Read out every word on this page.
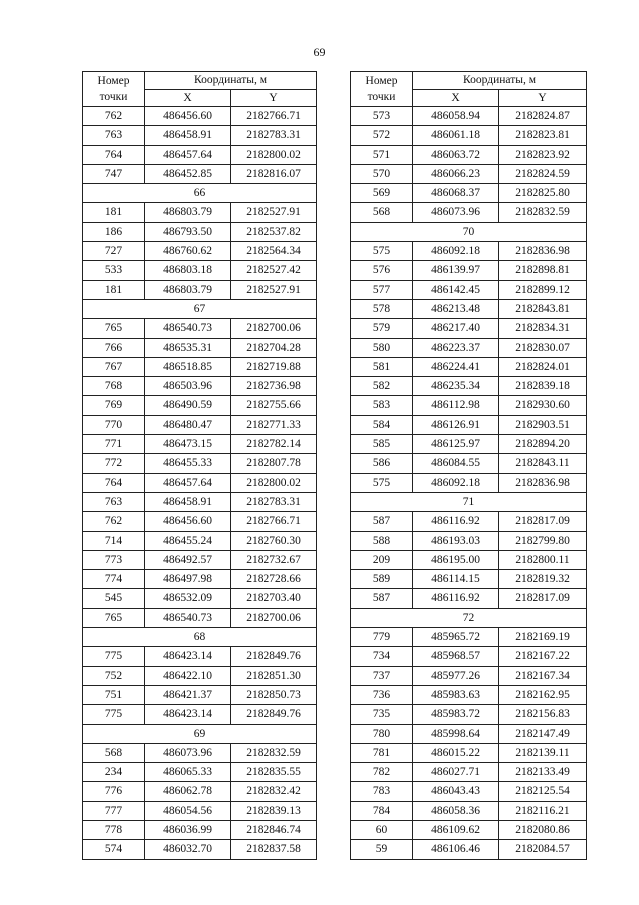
69
Номер
точки	Координаты, м	
	X	Y
762	486456.60	2182766.71
763	486458.91	2182783.31
764	486457.64	2182800.02
747	486452.85	2182816.07
66		
181	486803.79	2182527.91
186	486793.50	2182537.82
727	486760.62	2182564.34
533	486803.18	2182527.42
181	486803.79	2182527.91
67		
765	486540.73	2182700.06
766	486535.31	2182704.28
767	486518.85	2182719.88
768	486503.96	2182736.98
769	486490.59	2182755.66
770	486480.47	2182771.33
771	486473.15	2182782.14
772	486455.33	2182807.78
764	486457.64	2182800.02
763	486458.91	2182783.31
762	486456.60	2182766.71
714	486455.24	2182760.30
773	486492.57	2182732.67
774	486497.98	2182728.66
545	486532.09	2182703.40
765	486540.73	2182700.06
68		
775	486423.14	2182849.76
752	486422.10	2182851.30
751	486421.37	2182850.73
775	486423.14	2182849.76
69		
568	486073.96	2182832.59
234	486065.33	2182835.55
776	486062.78	2182832.42
777	486054.56	2182839.13
778	486036.99	2182846.74
574	486032.70	2182837.58
Номер
точки	Координаты, м	
	X	Y
573	486058.94	2182824.87
572	486061.18	2182823.81
571	486063.72	2182823.92
570	486066.23	2182824.59
569	486068.37	2182825.80
568	486073.96	2182832.59
70		
575	486092.18	2182836.98
576	486139.97	2182898.81
577	486142.45	2182899.12
578	486213.48	2182843.81
579	486217.40	2182834.31
580	486223.37	2182830.07
581	486224.41	2182824.01
582	486235.34	2182839.18
583	486112.98	2182930.60
584	486126.91	2182903.51
585	486125.97	2182894.20
586	486084.55	2182843.11
575	486092.18	2182836.98
71		
587	486116.92	2182817.09
588	486193.03	2182799.80
209	486195.00	2182800.11
589	486114.15	2182819.32
587	486116.92	2182817.09
72		
779	485965.72	2182169.19
734	485968.57	2182167.22
737	485977.26	2182167.34
736	485983.63	2182162.95
735	485983.72	2182156.83
780	485998.64	2182147.49
781	486015.22	2182139.11
782	486027.71	2182133.49
783	486043.43	2182125.54
784	486058.36	2182116.21
60	486109.62	2182080.86
59	486106.46	2182084.57
